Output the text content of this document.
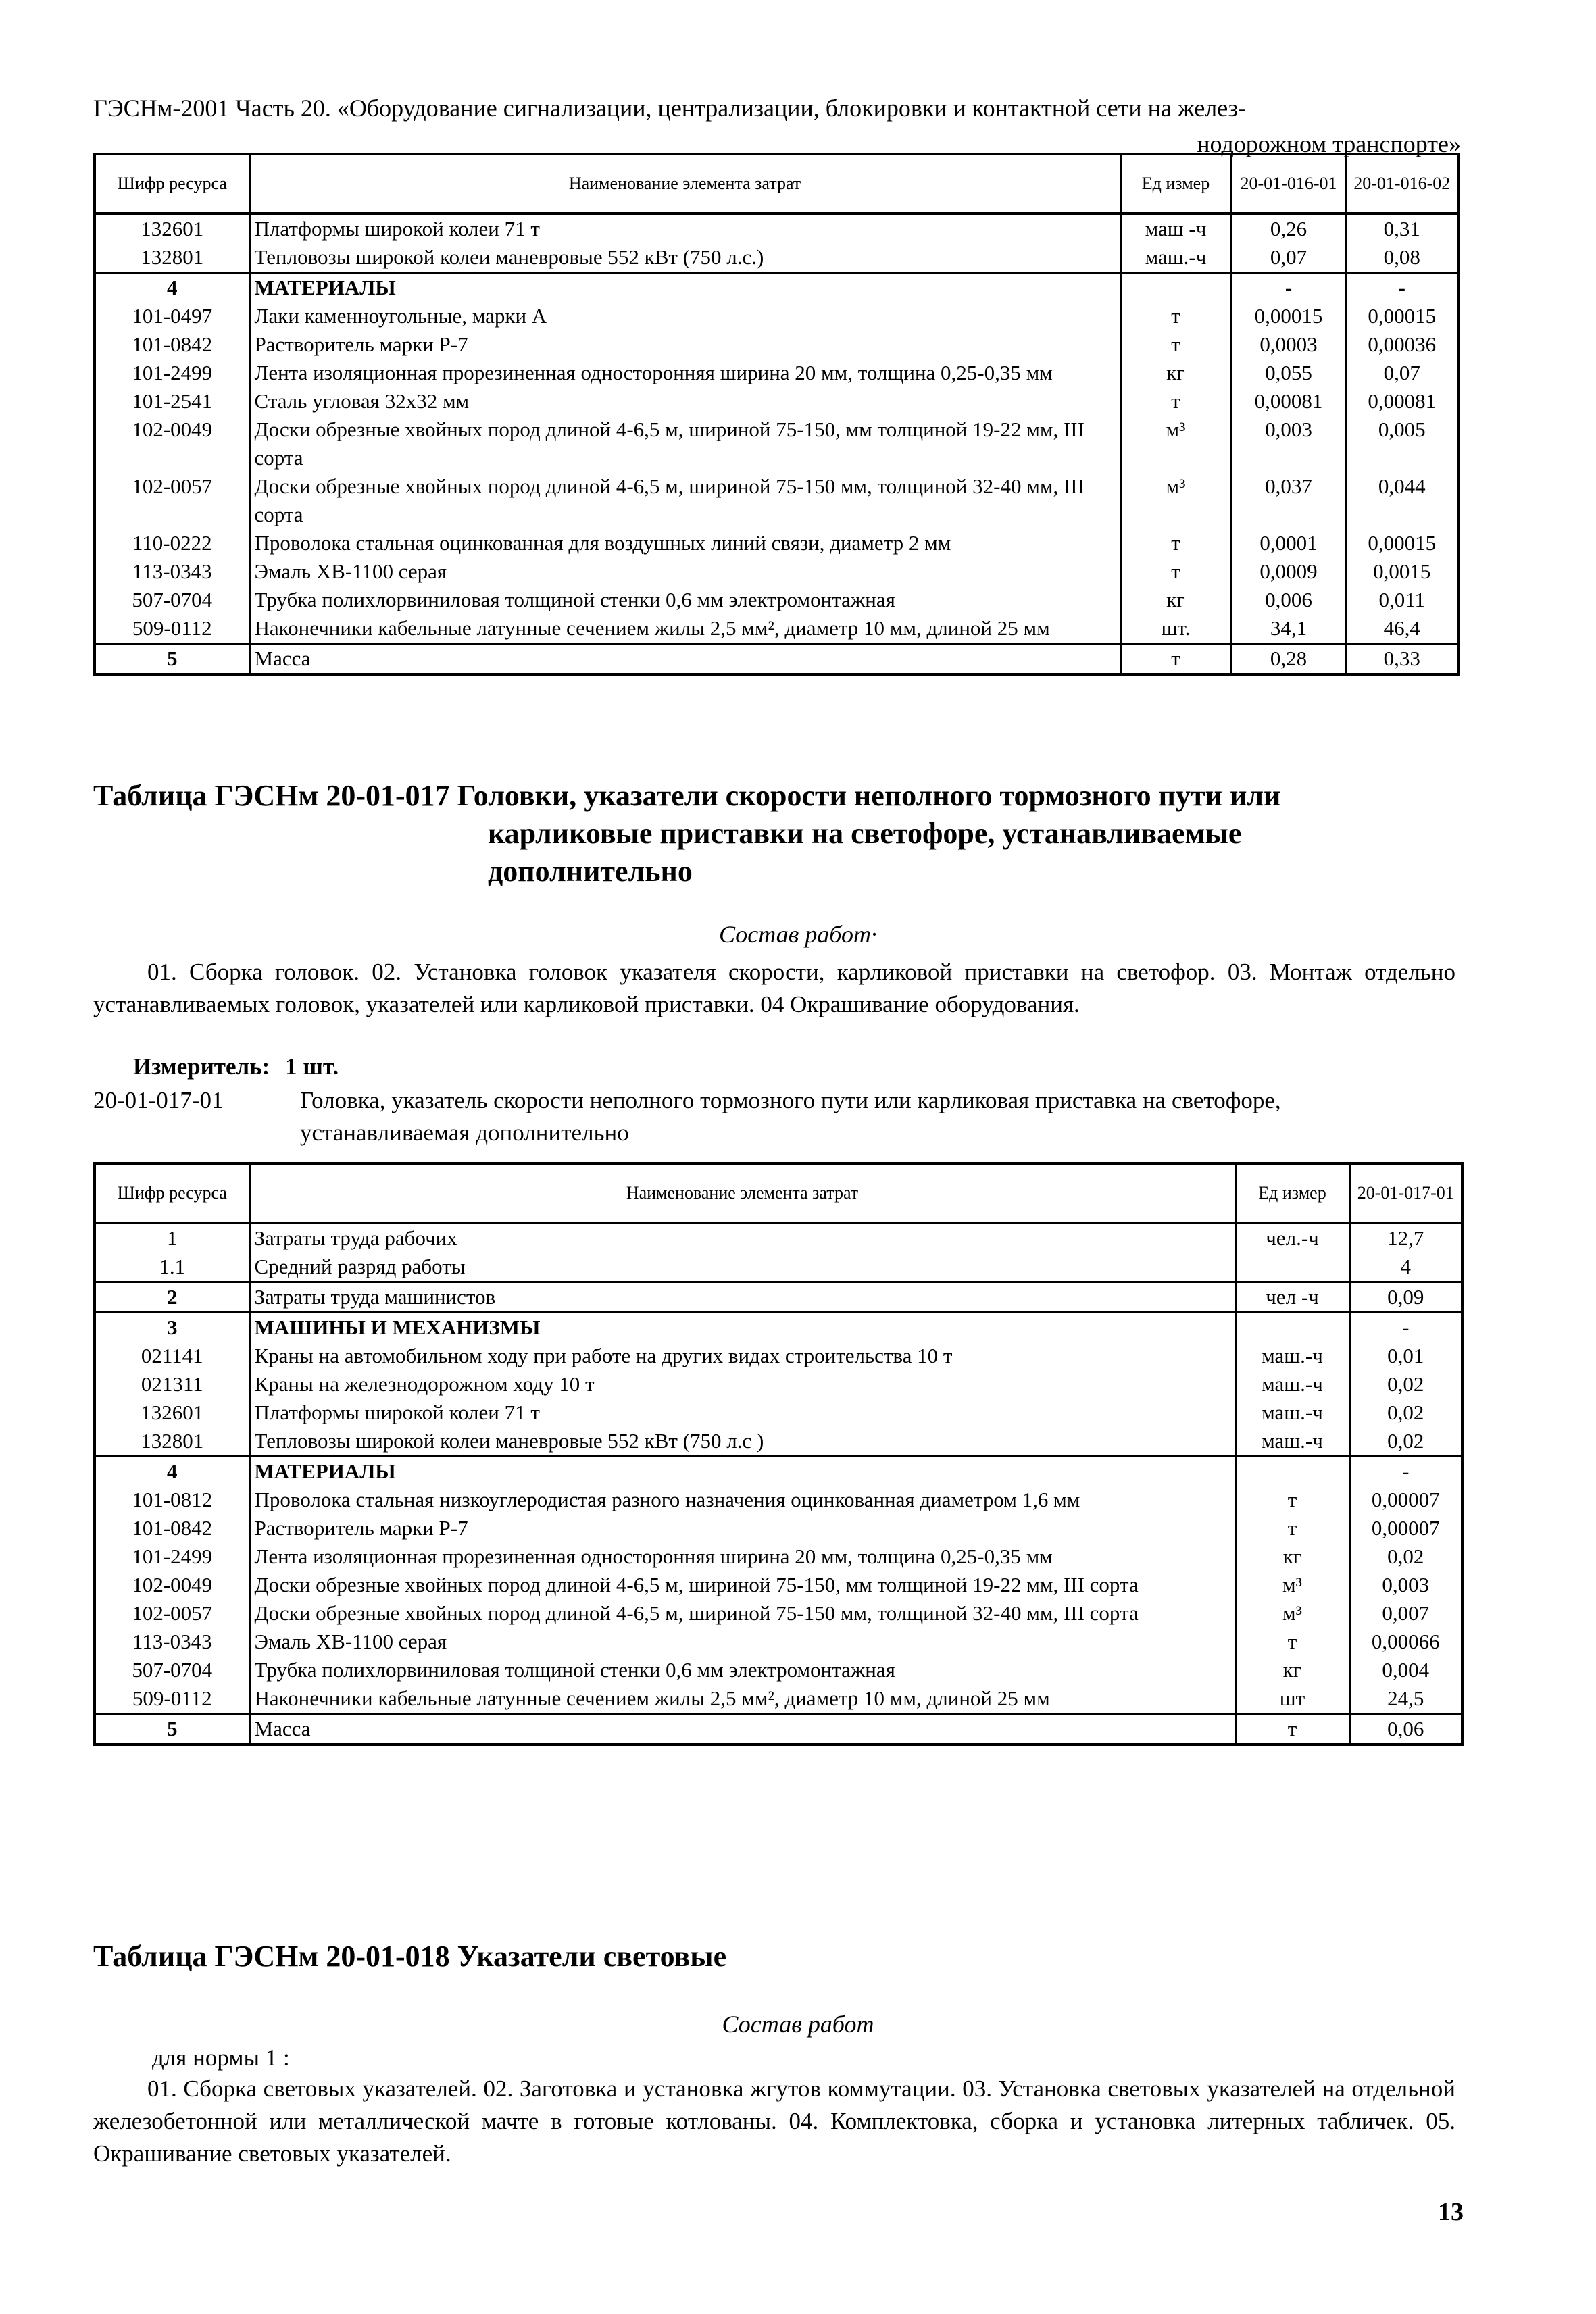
ГЭСНм-2001 Часть 20. «Оборудование сигнализации, централизации, блокировки и контактной сети на желез-
нодорожном транспорте»
Шифр ресурса	Наименование элемента затрат	Ед измер	20-01-016-01	20-01-016-02
132601	Платформы широкой колеи 71 т	маш -ч	0,26	0,31
132801	Тепловозы широкой колеи маневровые 552 кВт (750 л.с.)	маш.-ч	0,07	0,08
4	МАТЕРИАЛЫ		-	-
101-0497	Лаки каменноугольные, марки А	т	0,00015	0,00015
101-0842	Растворитель марки Р-7	т	0,0003	0,00036
101-2499	Лента изоляционная прорезиненная односторонняя ширина 20 мм, толщина 0,25-0,35 мм	кг	0,055	0,07
101-2541	Сталь угловая 32х32 мм	т	0,00081	0,00081
102-0049	Доски обрезные хвойных пород длиной 4-6,5 м, шириной 75-150, мм толщиной 19-22 мм, III сорта	м³	0,003	0,005
102-0057	Доски обрезные хвойных пород длиной 4-6,5 м, шириной 75-150 мм, толщиной 32-40 мм, III сорта	м³	0,037	0,044
110-0222	Проволока стальная оцинкованная для воздушных линий связи, диаметр 2 мм	т	0,0001	0,00015
113-0343	Эмаль ХВ-1100 серая	т	0,0009	0,0015
507-0704	Трубка полихлорвиниловая толщиной стенки 0,6 мм электромонтажная	кг	0,006	0,011
509-0112	Наконечники кабельные латунные сечением жилы 2,5 мм², диаметр 10 мм, длиной 25 мм	шт.	34,1	46,4
5	Масса	т	0,28	0,33
Таблица ГЭСНм 20-01-017 Головки, указатели скорости неполного тормозного пути или карликовые приставки на светофоре, устанавливаемые дополнительно
Состав работ·
01. Сборка головок. 02. Установка головок указателя скорости, карликовой приставки на светофор. 03. Монтаж отдельно устанавливаемых головок, указателей или карликовой приставки. 04 Окрашивание оборудования.
Измеритель: 1 шт.
20-01-017-01	Головка, указатель скорости неполного тормозного пути или карликовая приставка на светофоре, устанавливаемая дополнительно
Шифр ресурса	Наименование элемента затрат	Ед измер	20-01-017-01
1	Затраты труда рабочих	чел.-ч	12,7
1.1	Средний разряд работы		4
2	Затраты труда машинистов	чел -ч	0,09
3	МАШИНЫ И МЕХАНИЗМЫ		-
021141	Краны на автомобильном ходу при работе на других видах строительства 10 т	маш.-ч	0,01
021311	Краны на железнодорожном ходу 10 т	маш.-ч	0,02
132601	Платформы широкой колеи 71 т	маш.-ч	0,02
132801	Тепловозы широкой колеи маневровые 552 кВт (750 л.с )	маш.-ч	0,02
4	МАТЕРИАЛЫ		-
101-0812	Проволока стальная низкоуглеродистая разного назначения оцинкованная диаметром 1,6 мм	т	0,00007
101-0842	Растворитель марки Р-7	т	0,00007
101-2499	Лента изоляционная прорезиненная односторонняя ширина 20 мм, толщина 0,25-0,35 мм	кг	0,02
102-0049	Доски обрезные хвойных пород длиной 4-6,5 м, шириной 75-150, мм толщиной 19-22 мм, III сорта	м³	0,003
102-0057	Доски обрезные хвойных пород длиной 4-6,5 м, шириной 75-150 мм, толщиной 32-40 мм, III сорта	м³	0,007
113-0343	Эмаль ХВ-1100 серая	т	0,00066
507-0704	Трубка полихлорвиниловая толщиной стенки 0,6 мм электромонтажная	кг	0,004
509-0112	Наконечники кабельные латунные сечением жилы 2,5 мм², диаметр 10 мм, длиной 25 мм	шт	24,5
5	Масса	т	0,06
Таблица ГЭСНм 20-01-018 Указатели световые
Состав работ
для нормы 1 :
01. Сборка световых указателей. 02. Заготовка и установка жгутов коммутации. 03. Установка световых указателей на отдельной железобетонной или металлической мачте в готовые котлованы. 04. Комплектовка, сборка и установка литерных табличек. 05. Окрашивание световых указателей.
13
